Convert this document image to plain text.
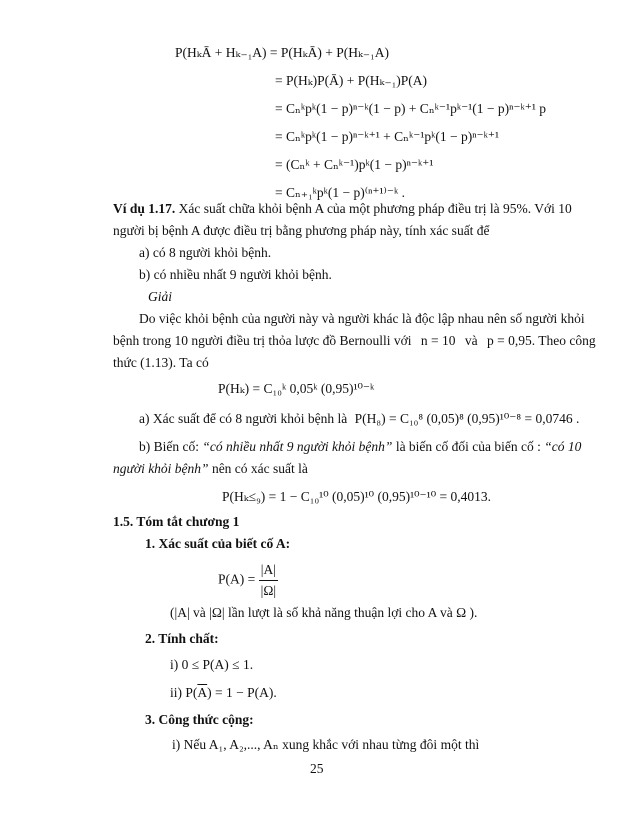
P(HₖĀ + Hₖ₋₁A) = P(HₖĀ) + P(Hₖ₋₁A)
= P(Hₖ)P(Ā) + P(Hₖ₋₁)P(A)
= Cₙᵏpᵏ(1 − p)ⁿ⁻ᵏ(1 − p) + Cₙᵏ⁻¹pᵏ⁻¹(1 − p)ⁿ⁻ᵏ⁺¹ p
= Cₙᵏpᵏ(1 − p)ⁿ⁻ᵏ⁺¹ + Cₙᵏ⁻¹pᵏ(1 − p)ⁿ⁻ᵏ⁺¹
= (Cₙᵏ + Cₙᵏ⁻¹)pᵏ(1 − p)ⁿ⁻ᵏ⁺¹
= Cₙ₊₁ᵏpᵏ(1 − p)⁽ⁿ⁺¹⁾⁻ᵏ .
Ví dụ 1.17. Xác suất chữa khỏi bệnh A của một phương pháp điều trị là 95%. Với 10
người bị bệnh A được điều trị bằng phương pháp này, tính xác suất để
a) có 8 người khỏi bệnh.
b) có nhiều nhất 9 người khỏi bệnh.
Giải
Do việc khỏi bệnh của người này và người khác là độc lập nhau nên số người khỏi
bệnh trong 10 người điều trị thỏa lược đồ Bernoulli với n = 10 và p = 0,95. Theo công
thức (1.13). Ta có
P(Hₖ) = C₁₀ᵏ 0,05ᵏ (0,95)¹⁰⁻ᵏ
a) Xác suất để có 8 người khỏi bệnh là P(H₈) = C₁₀⁸ (0,05)⁸ (0,95)¹⁰⁻⁸ = 0,0746 .
b) Biến cố: “có nhiều nhất 9 người khỏi bệnh” là biến cố đối của biến cố : “có 10
người khỏi bệnh” nên có xác suất là
P(Hₖ≤₉) = 1 − C₁₀¹⁰ (0,05)¹⁰ (0,95)¹⁰⁻¹⁰ = 0,4013.
1.5. Tóm tắt chương 1
1. Xác suất của biết cố A:
$P(A) = \frac{|A|}{|\Omega|}$
(|A| và |Ω| lần lượt là số khả năng thuận lợi cho A và Ω ).
2. Tính chất:
i) 0 ≤ P(A) ≤ 1.
ii) $P(\overline{A}) = 1 - P(A)$.
3. Công thức cộng:
i) Nếu A₁, A₂,..., Aₙ xung khắc với nhau từng đôi một thì
25
